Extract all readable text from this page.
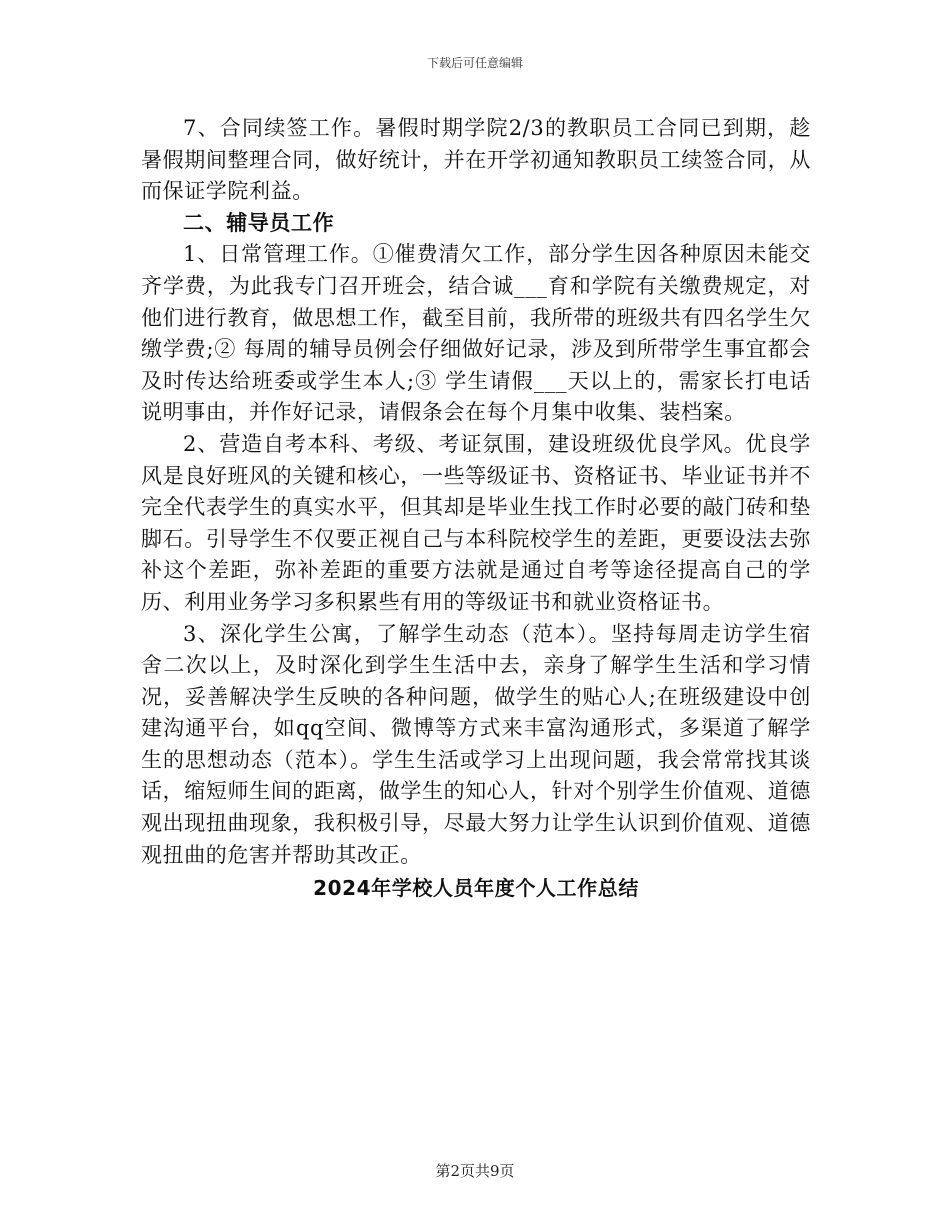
下载后可任意编辑

7、合同续签工作。暑假时期学院2/3的教职员工合同已到期，趁暑假期间整理合同，做好统计，并在开学初通知教职员工续签合同，从而保证学院利益。

二、辅导员工作

1、日常管理工作。①催费清欠工作，部分学生因各种原因未能交齐学费，为此我专门召开班会，结合诚___育和学院有关缴费规定，对他们进行教育，做思想工作，截至目前，我所带的班级共有四名学生欠缴学费;② 每周的辅导员例会仔细做好记录，涉及到所带学生事宜都会及时传达给班委或学生本人;③ 学生请假___天以上的，需家长打电话说明事由，并作好记录，请假条会在每个月集中收集、装档案。

2、营造自考本科、考级、考证氛围，建设班级优良学风。优良学风是良好班风的关键和核心，一些等级证书、资格证书、毕业证书并不完全代表学生的真实水平，但其却是毕业生找工作时必要的敲门砖和垫脚石。引导学生不仅要正视自己与本科院校学生的差距，更要设法去弥补这个差距，弥补差距的重要方法就是通过自考等途径提高自己的学历、利用业务学习多积累些有用的等级证书和就业资格证书。

3、深化学生公寓，了解学生动态（范本）。坚持每周走访学生宿舍二次以上，及时深化到学生生活中去，亲身了解学生生活和学习情况，妥善解决学生反映的各种问题，做学生的贴心人;在班级建设中创建沟通平台，如qq空间、微博等方式来丰富沟通形式，多渠道了解学生的思想动态（范本）。学生生活或学习上出现问题，我会常常找其谈话，缩短师生间的距离，做学生的知心人，针对个别学生价值观、道德观出现扭曲现象，我积极引导，尽最大努力让学生认识到价值观、道德观扭曲的危害并帮助其改正。

2024年学校人员年度个人工作总结

第2页共9页
